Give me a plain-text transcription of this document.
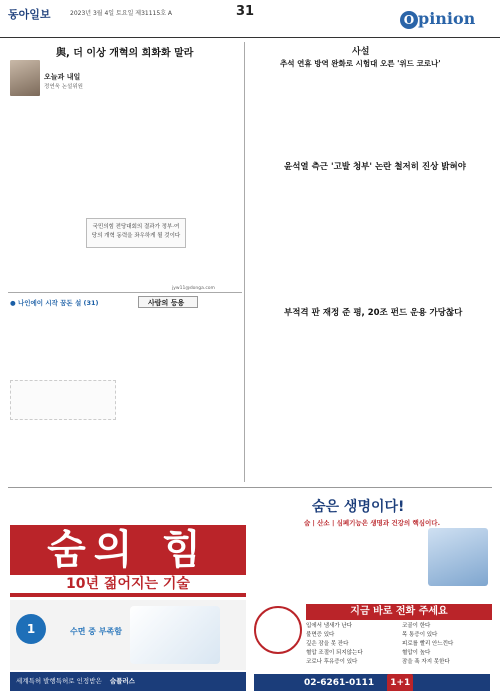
동아일보	2023년 3월 4일 토요일 제31115호 A	31
O pinion
與, 더 이상 개혁의 희화화 말라
오늘과 내일
정연욱 논설위원
국민의힘 전당대회의 결과가 정부·여당의 개혁 동력을 좌우하게 될 것이다
jyw11@donga.com
사설
추석 연휴 방역 완화로 시험대 오른 '위드 코로나'
윤석열 측근 '고발 청부' 논란 철저히 진상 밝혀야
부적격 판 재정 준 평, 20조 펀드 운용 가당찮다
● 나인에이 시작 꿈돈 설 (31)	사람의 등용
숨의 힘
10년 젊어지는 기술
1	수면 중 부족함
세계특허 발행특허로 인정받은 숨플러스
숨은 생명이다!
숨 | 산소 | 심폐기능은 생명과 건강의 핵심이다.
지금 바로 전화 주세요
입에서 냄새가 난다
불면증 있다
깊은 잠을 못 잔다
혈압 조절이 되지않는다
코로나 후유증이 있다
코골이 한다
목 통증이 있다
피로를 빨리 안느낀다
혈압이 높다
잠을 푹 자지 못한다
02-6261-0111 1+1
